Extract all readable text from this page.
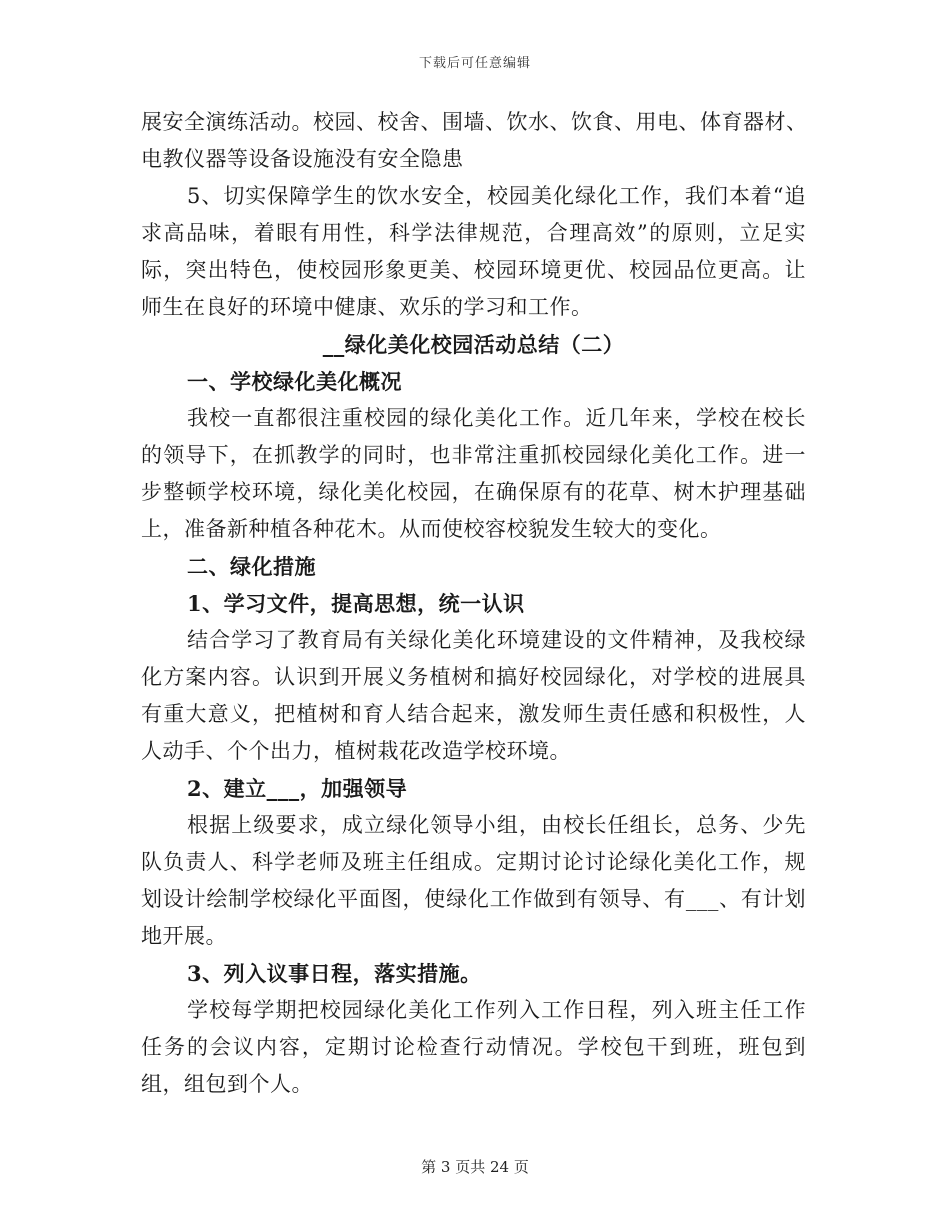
下载后可任意编辑
展安全演练活动。校园、校舍、围墙、饮水、饮食、用电、体育器材、
电教仪器等设备设施没有安全隐患

5、切实保障学生的饮水安全，校园美化绿化工作，我们本着“追求高品味，着眼有用性，科学法律规范，合理高效”的原则，立足实际，突出特色，使校园形象更美、校园环境更优、校园品位更高。让师生在良好的环境中健康、欢乐的学习和工作。

__绿化美化校园活动总结（二）
一、学校绿化美化概况

我校一直都很注重校园的绿化美化工作。近几年来，学校在校长的领导下，在抓教学的同时，也非常注重抓校园绿化美化工作。进一步整顿学校环境，绿化美化校园，在确保原有的花草、树木护理基础上，准备新种植各种花木。从而使校容校貌发生较大的变化。

二、绿化措施
1、学习文件，提高思想，统一认识

结合学习了教育局有关绿化美化环境建设的文件精神，及我校绿化方案内容。认识到开展义务植树和搞好校园绿化，对学校的进展具有重大意义，把植树和育人结合起来，激发师生责任感和积极性，人人动手、个个出力，植树栽花改造学校环境。

2、建立___，加强领导

根据上级要求，成立绿化领导小组，由校长任组长，总务、少先队负责人、科学老师及班主任组成。定期讨论讨论绿化美化工作，规划设计绘制学校绿化平面图，使绿化工作做到有领导、有___、有计划地开展。

3、列入议事日程，落实措施。

学校每学期把校园绿化美化工作列入工作日程，列入班主任工作任务的会议内容，定期讨论检查行动情况。学校包干到班，班包到组，组包到个人。

第 3 页共 24 页
